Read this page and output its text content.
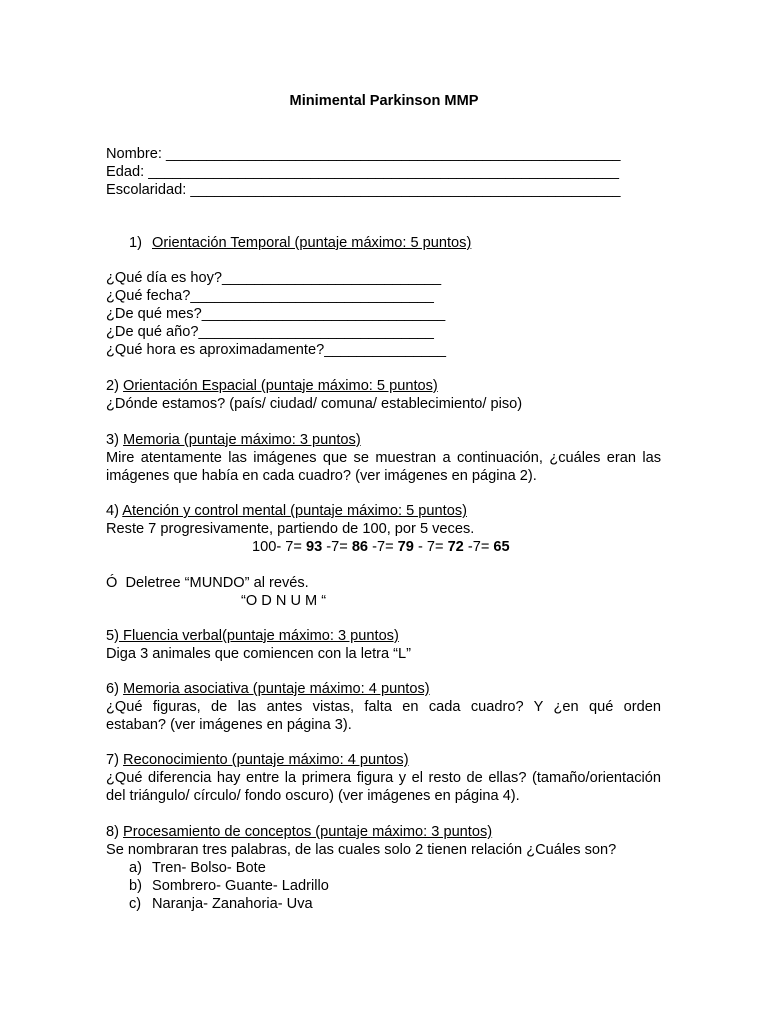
Minimental Parkinson MMP

Nombre: ________________________________________________________

Edad: __________________________________________________________

Escolaridad: _____________________________________________________

1) Orientación Temporal (puntaje máximo: 5 puntos)

¿Qué día es hoy?___________________________

¿Qué fecha?______________________________

¿De qué mes?______________________________

¿De qué año?_____________________________

¿Qué hora es aproximadamente?_______________

2) Orientación Espacial (puntaje máximo: 5 puntos)

¿Dónde estamos? (país/ ciudad/ comuna/ establecimiento/ piso)

3) Memoria (puntaje máximo: 3 puntos)

Mire atentamente las imágenes que se muestran a continuación, ¿cuáles eran las

imágenes que había en cada cuadro? (ver imágenes en página 2).

4) Atención y control mental (puntaje máximo: 5 puntos)

Reste 7 progresivamente, partiendo de 100, por 5 veces.

100- 7= 93 -7= 86 -7= 79 - 7= 72 -7= 65

Ó  Deletree “MUNDO” al revés.

“O D N U M “

5) Fluencia verbal(puntaje máximo: 3 puntos)

Diga 3 animales que comiencen con la letra “L”

6) Memoria asociativa (puntaje máximo: 4 puntos)

¿Qué figuras, de las antes vistas, falta en cada cuadro? Y ¿en qué orden

estaban? (ver imágenes en página 3).

7) Reconocimiento (puntaje máximo: 4 puntos)

¿Qué diferencia hay entre la primera figura y el resto de ellas? (tamaño/orientación

del triángulo/ círculo/ fondo oscuro) (ver imágenes en página 4).

8) Procesamiento de conceptos (puntaje máximo: 3 puntos)

Se nombraran tres palabras, de las cuales solo 2 tienen relación ¿Cuáles son?

a) Tren- Bolso- Bote

b) Sombrero- Guante- Ladrillo

c) Naranja- Zanahoria- Uva
